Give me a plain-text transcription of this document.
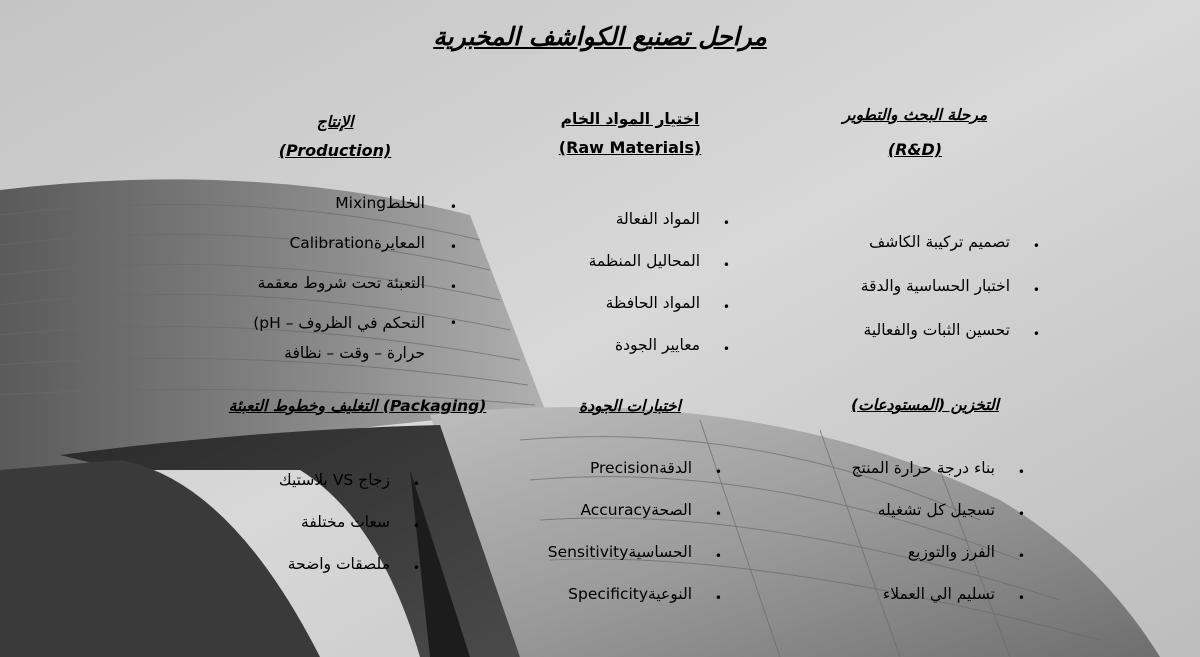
مراحل تصنيع الكواشف المخبرية
مرحلة البحث والتطوير
(R&D)
تصميم تركيبة الكاشف •
اختبار الحساسية والدقة •
تحسين الثبات والفعالية •
اختيار المواد الخام
(Raw Materials)
المواد الفعالة •
المحاليل المنظمة •
المواد الحافظة •
معايير الجودة •
الإنتاج
(Production)
الخلطMixing •
المعايرةCalibration •
التعبئة تحت شروط معقمة •
التحكم في الظروف – pH)
حرارة – وقت – نظافة
•
التخزين (المستودعات)
بناء درجة حرارة المنتج •
تسجيل كل تشغيله •
الفرز والتوزيع •
تسليم الي العملاء •
اختبارات الجودة
الدقةPrecision •
الصحةAccuracy •
الحساسيةSensitivity •
النوعيةSpecificity •
(Packaging) التغليف وخطوط التعبئة
زجاج VS بلاستيك •
سعات مختلفة •
ملصقات واضحة •
